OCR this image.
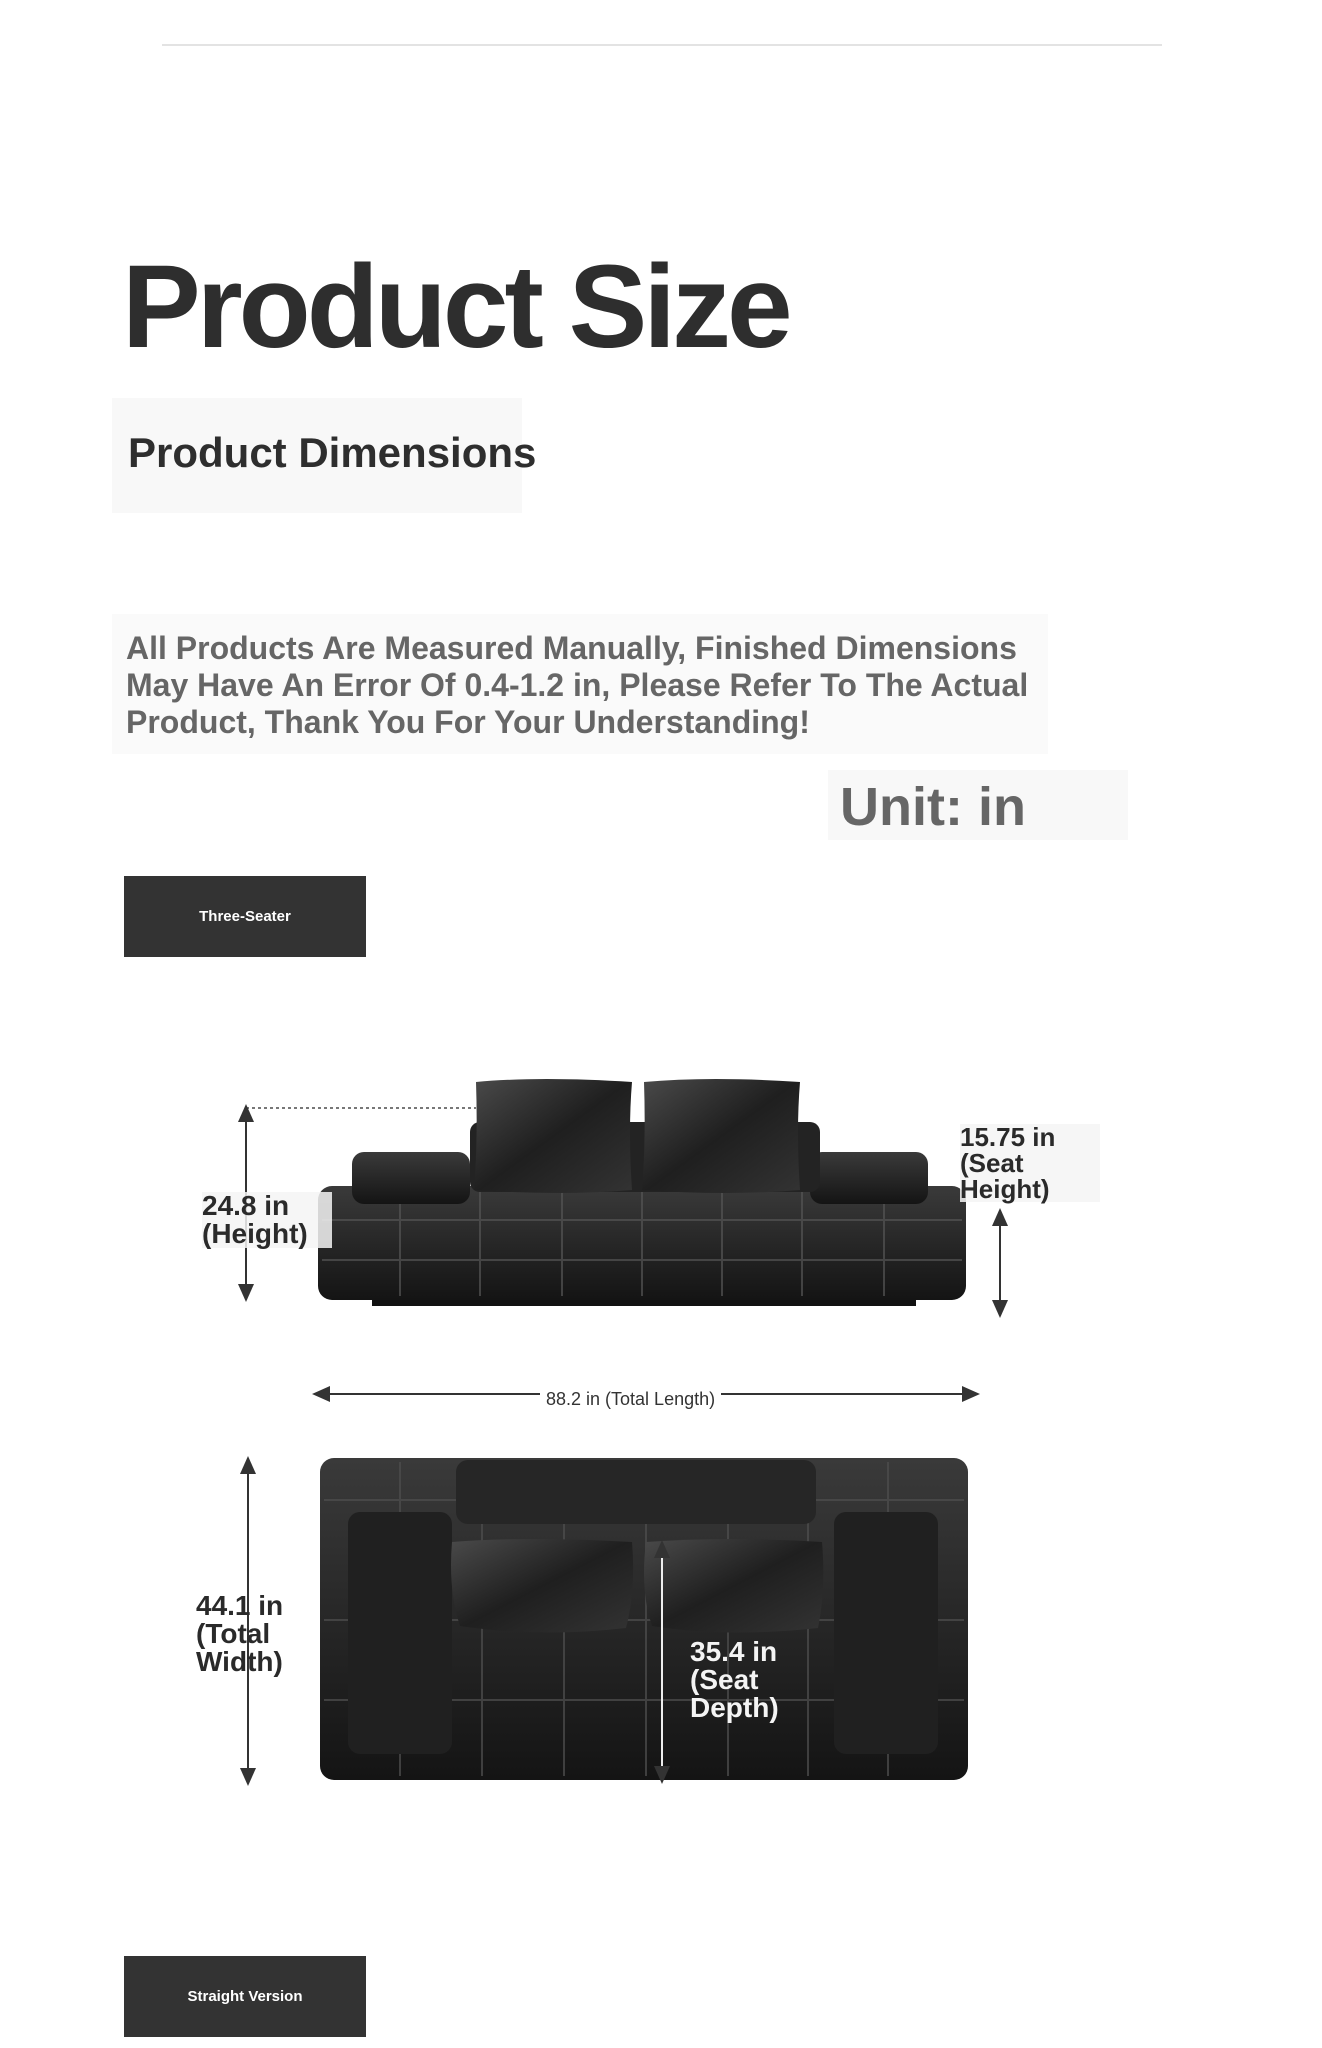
Product Size
Product Dimensions
All Products Are Measured Manually, Finished Dimensions May Have An Error Of 0.4-1.2 in, Please Refer To The Actual Product, Thank You For Your Understanding!
Unit: in
Three-Seater
24.8 in (Height)
15.75 in (Seat Height)
88.2 in (Total Length)
44.1 in (Total Width)	35.4 in (Seat Depth)
Straight Version
